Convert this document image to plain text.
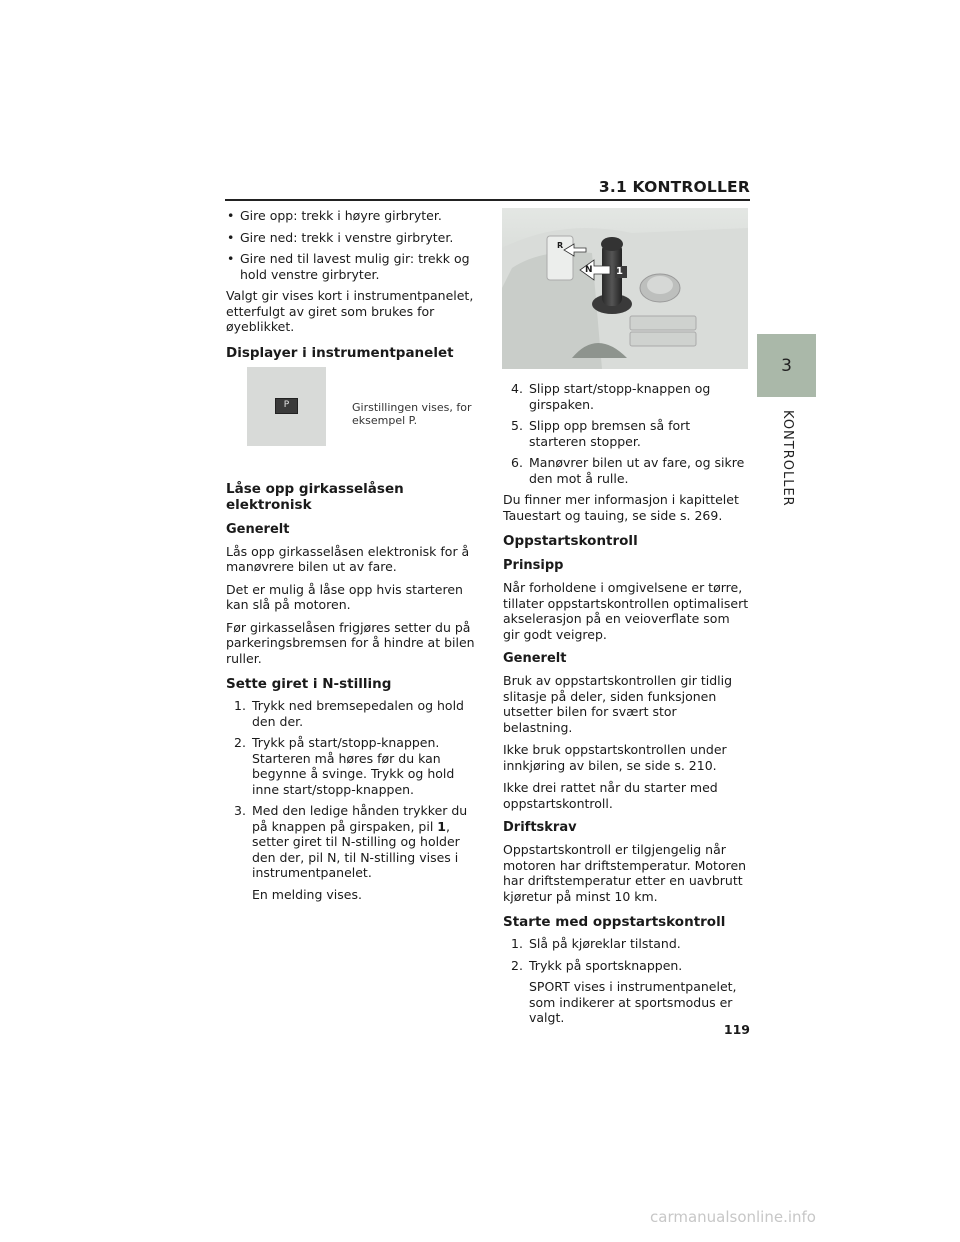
3.1 KONTROLLER
3
KONTROLLER
• Gire opp: trekk i høyre girbryter.
• Gire ned: trekk i venstre girbryter.
• Gire ned til lavest mulig gir: trekk og hold venstre girbryter.

Valgt gir vises kort i instrumentpanelet, etterfulgt av giret som brukes for øyeblikket.

Displayer i instrumentpanelet
P	Girstillingen vises, for eksempel P.
Låse opp girkasselåsen elektronisk
Generelt

Lås opp girkasselåsen elektronisk for å manøvrere bilen ut av fare.

Det er mulig å låse opp hvis starteren kan slå på motoren.

Før girkasselåsen frigjøres setter du på parkeringsbremsen for å hindre at bilen ruller.

Sette giret i N-stilling
1. Trykk ned bremsepedalen og hold den der.
2. Trykk på start/stopp-knappen. Starteren må høres før du kan begynne å svinge. Trykk og hold inne start/stopp-knappen.
3. Med den ledige hånden trykker du på knappen på girspaken, pil 1, setter giret til N-stilling og holder den der, pil N, til N-stilling vises i instrumentpanelet.
En melding vises.
R
N 1
4. Slipp start/stopp-knappen og girspaken.
5. Slipp opp bremsen så fort starteren stopper.
6. Manøvrer bilen ut av fare, og sikre den mot å rulle.

Du finner mer informasjon i kapittelet Tauestart og tauing, se side s. 269.

Oppstartskontroll
Prinsipp

Når forholdene i omgivelsene er tørre, tillater oppstartskontrollen optimalisert akselerasjon på en veioverflate som gir godt veigrep.

Generelt

Bruk av oppstartskontrollen gir tidlig slitasje på deler, siden funksjonen utsetter bilen for svært stor belastning.

Ikke bruk oppstartskontrollen under innkjøring av bilen, se side s. 210.

Ikke drei rattet når du starter med oppstartskontroll.

Driftskrav

Oppstartskontroll er tilgjengelig når motoren har driftstemperatur. Motoren har driftstemperatur etter en uavbrutt kjøretur på minst 10 km.

Starte med oppstartskontroll
1. Slå på kjøreklar tilstand.
2. Trykk på sportsknappen.
SPORT vises i instrumentpanelet, som indikerer at sportsmodus er valgt.
119
carmanualsonline.info
